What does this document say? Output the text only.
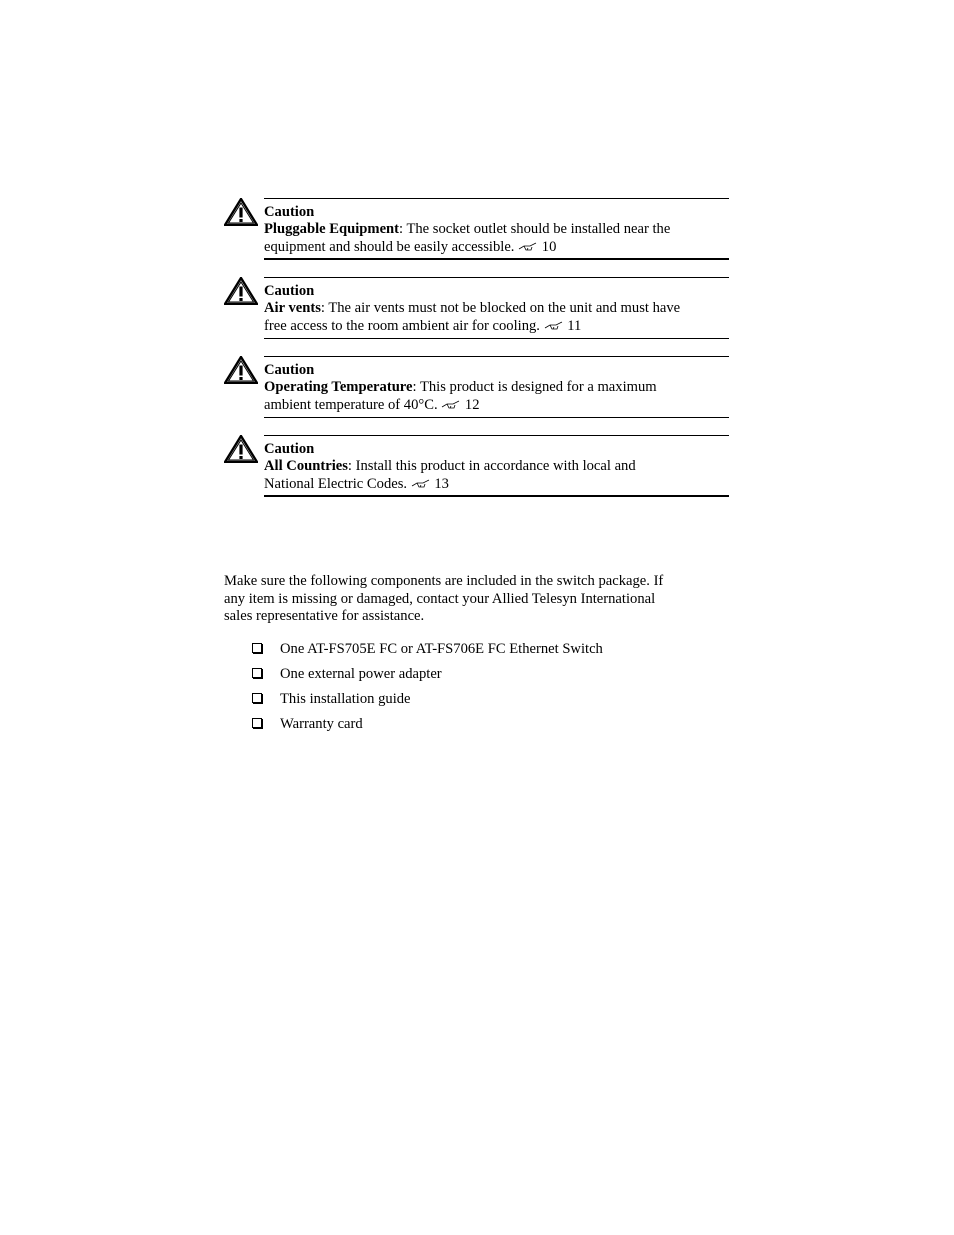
Caution
Pluggable Equipment: The socket outlet should be installed near the
equipment and should be easily accessible. 10
Caution
Air vents: The air vents must not be blocked on the unit and must have
free access to the room ambient air for cooling. 11
Caution
Operating Temperature: This product is designed for a maximum
ambient temperature of 40°C. 12
Caution
All Countries: Install this product in accordance with local and
National Electric Codes. 13

Make sure the following components are included in the switch package. If
any item is missing or damaged, contact your Allied Telesyn International
sales representative for assistance.

One AT-FS705E FC or AT-FS706E FC Ethernet Switch
One external power adapter
This installation guide
Warranty card
